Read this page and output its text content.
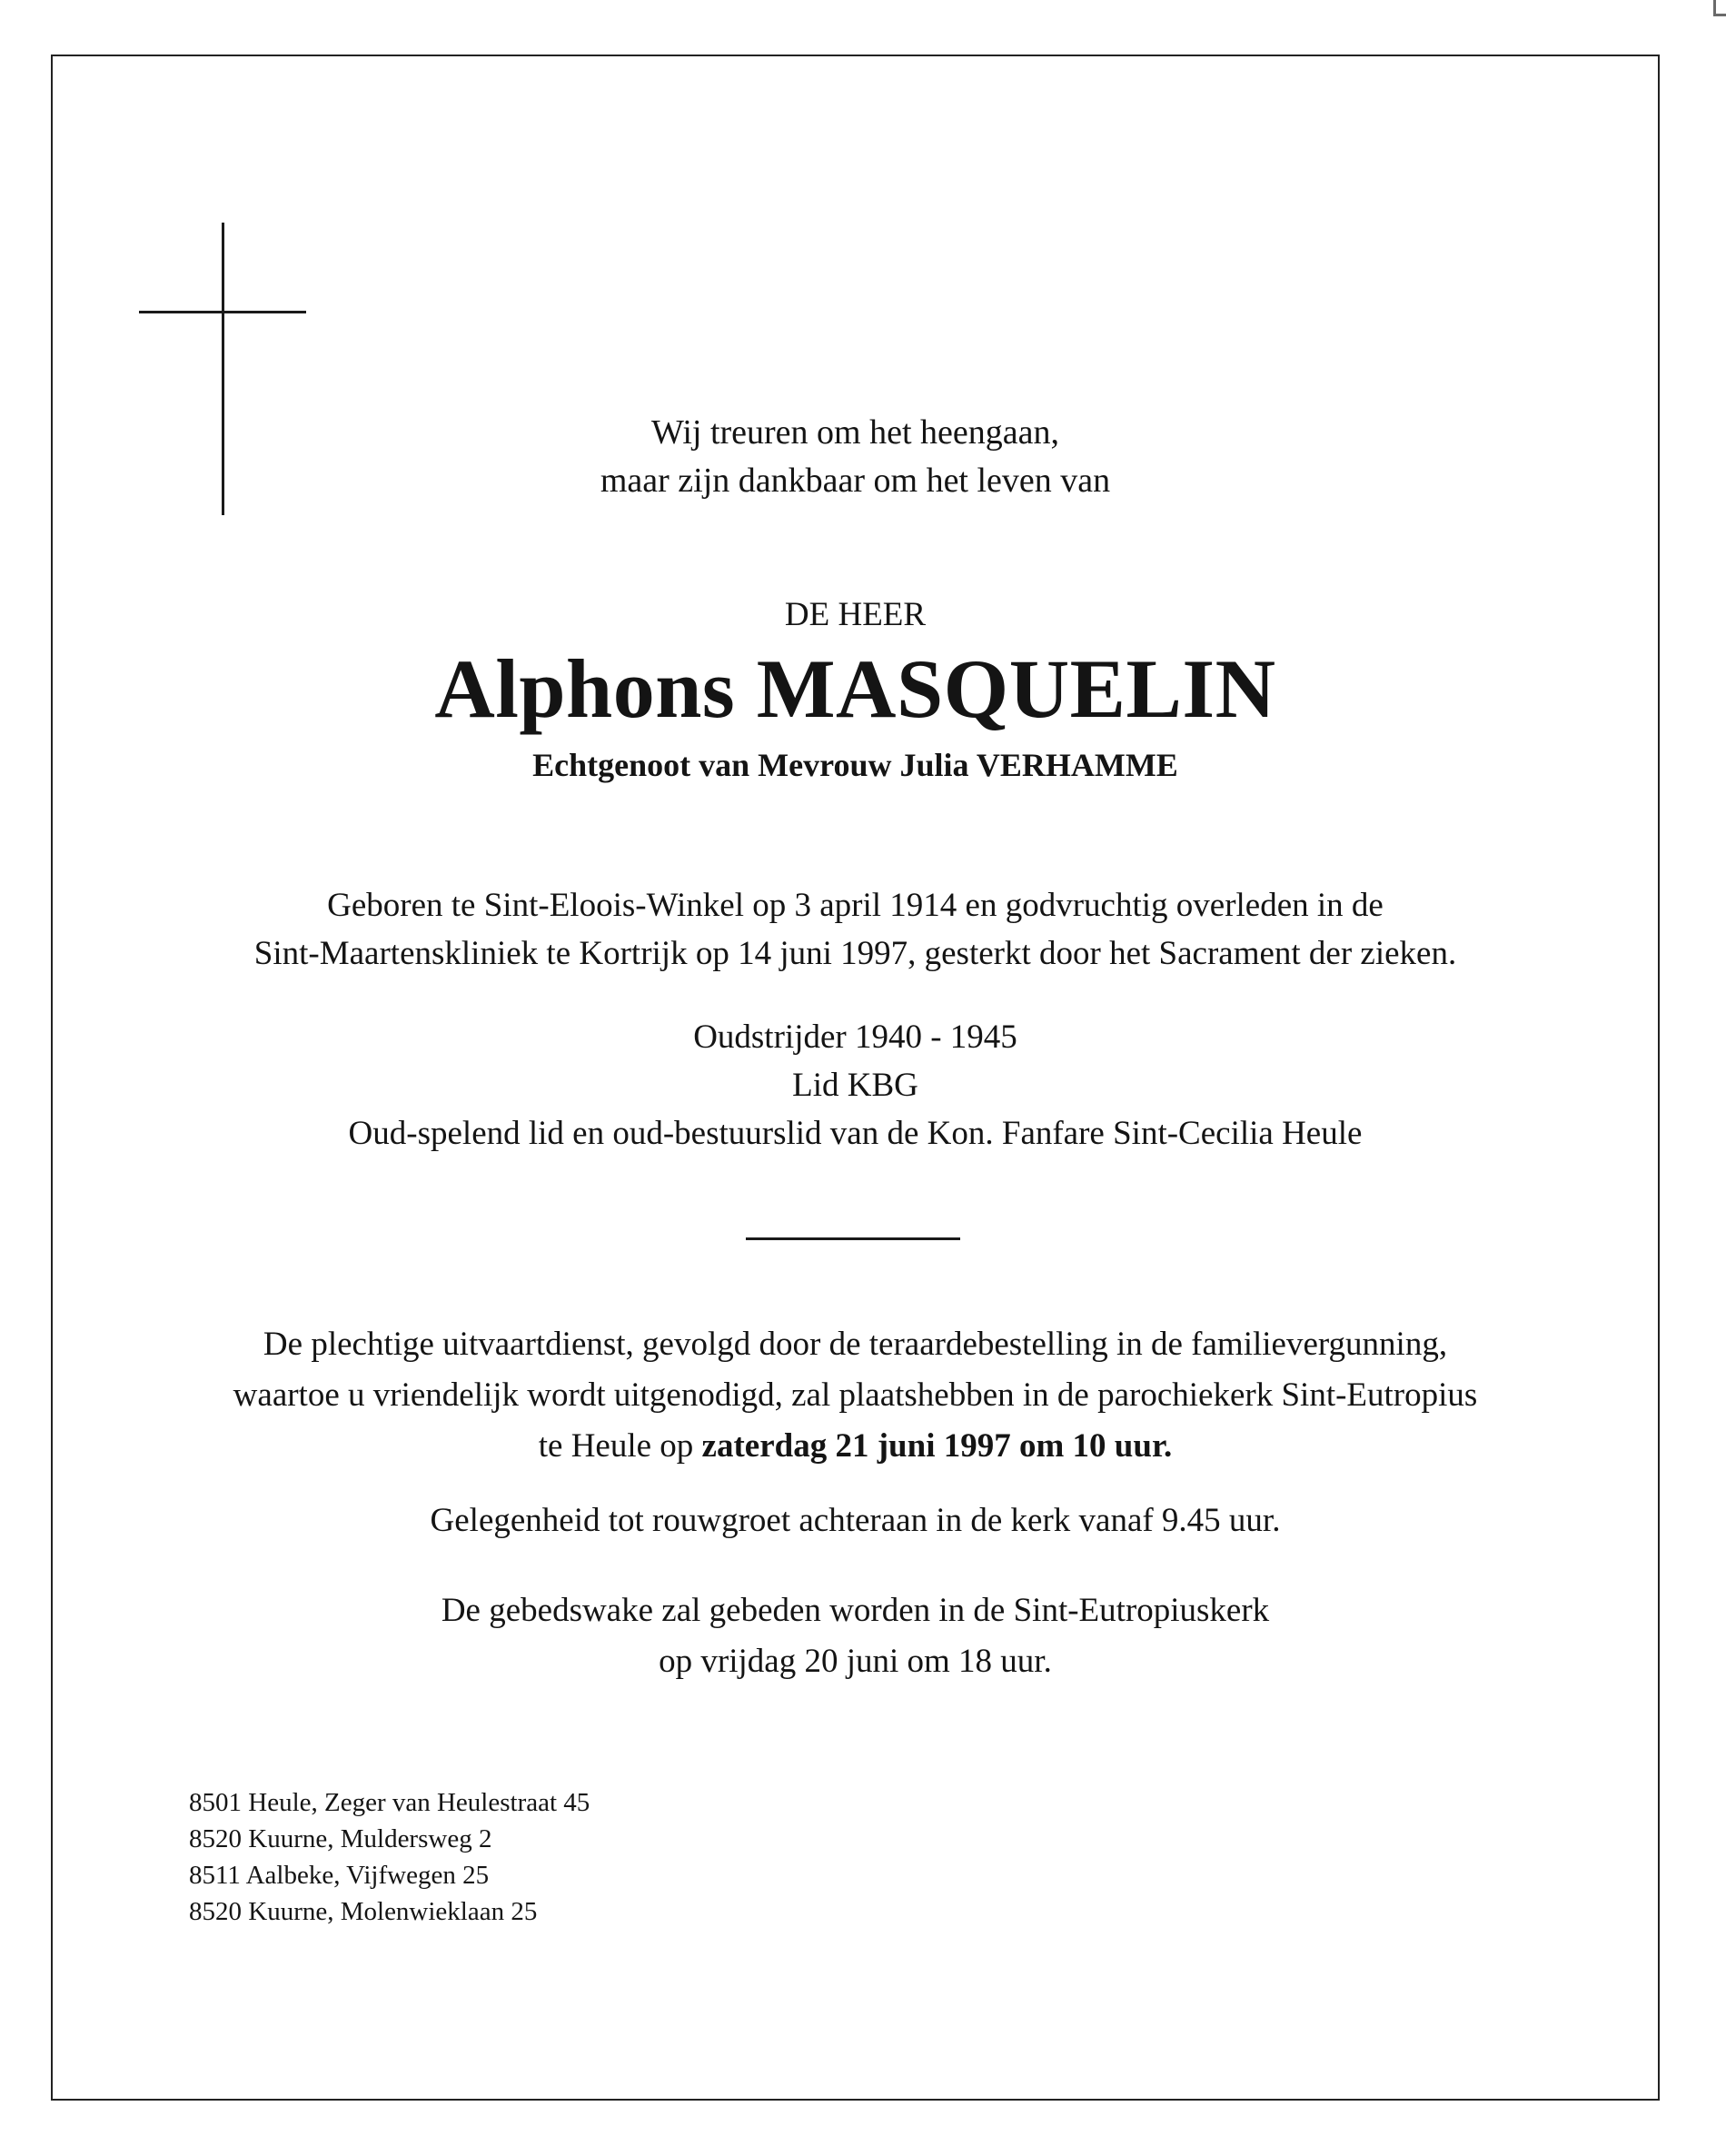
Wij treuren om het heengaan,
maar zijn dankbaar om het leven van
DE HEER
Alphons MASQUELIN
Echtgenoot van Mevrouw Julia VERHAMME
Geboren te Sint-Eloois-Winkel op 3 april 1914 en godvruchtig overleden in de
Sint-Maartenskliniek te Kortrijk op 14 juni 1997, gesterkt door het Sacrament der zieken.
Oudstrijder 1940 - 1945
Lid KBG
Oud-spelend lid en oud-bestuurslid van de Kon. Fanfare Sint-Cecilia Heule
De plechtige uitvaartdienst, gevolgd door de teraardebestelling in de familievergunning,
waartoe u vriendelijk wordt uitgenodigd, zal plaatshebben in de parochiekerk Sint-Eutropius
te Heule op zaterdag 21 juni 1997 om 10 uur.
Gelegenheid tot rouwgroet achteraan in de kerk vanaf 9.45 uur.
De gebedswake zal gebeden worden in de Sint-Eutropiuskerk
op vrijdag 20 juni om 18 uur.
8501 Heule, Zeger van Heulestraat 45
8520 Kuurne, Muldersweg 2
8511 Aalbeke, Vijfwegen 25
8520 Kuurne, Molenwieklaan 25
